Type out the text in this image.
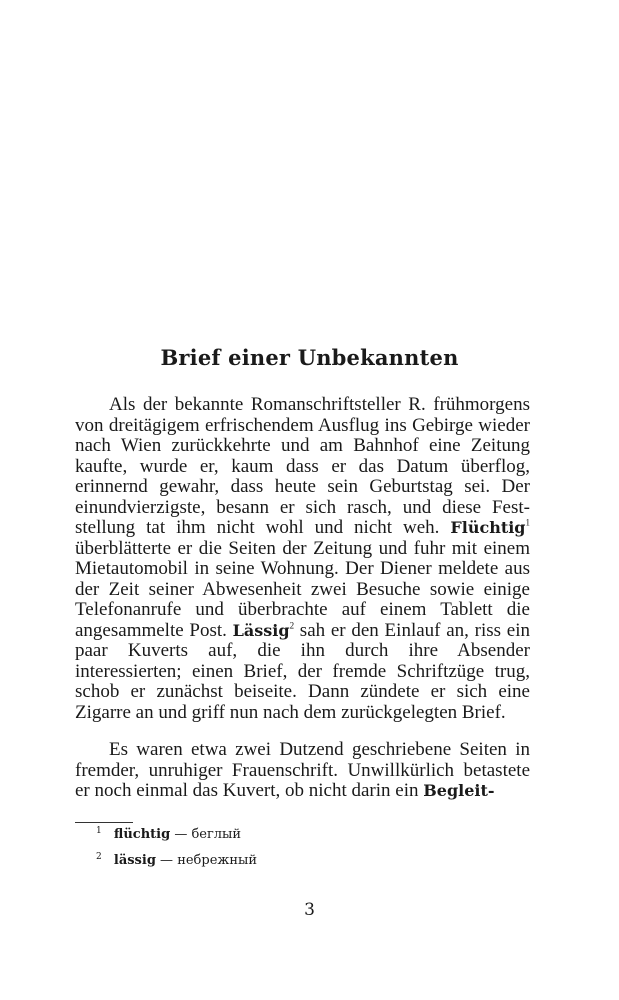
Brief einer Unbekannten

Als der bekannte Romanschriftsteller R. frühmorgens von dreitägigem erfrischendem Ausflug ins Gebirge wieder nach Wien zurückkehrte und am Bahnhof eine Zeitung kaufte, wurde er, kaum dass er das Datum überflog, erinnernd gewahr, dass heute sein Geburtstag sei. Der einundvierzigste, besann er sich rasch, und diese Feststellung tat ihm nicht wohl und nicht weh. Flüchtig$^1$ überblätterte er die Seiten der Zeitung und fuhr mit einem Mietautomobil in seine Wohnung. Der Diener meldete aus der Zeit seiner Abwesenheit zwei Besuche sowie einige Telefonanrufe und überbrachte auf einem Tablett die angesammelte Post. Lässig$^2$ sah er den Einlauf an, riss ein paar Kuverts auf, die ihn durch ihre Absender interessierten; einen Brief, der fremde Schriftzüge trug, schob er zunächst beiseite. Dann zündete er sich eine Zigarre an und griff nun nach dem zurückgelegten Brief.

Es waren etwa zwei Dutzend geschriebene Seiten in fremder, unruhiger Frauenschrift. Unwillkürlich betastete er noch einmal das Kuvert, ob nicht darin ein Begleit-

$^1$ flüchtig — беглый
$^2$ lässig — небрежный
3
